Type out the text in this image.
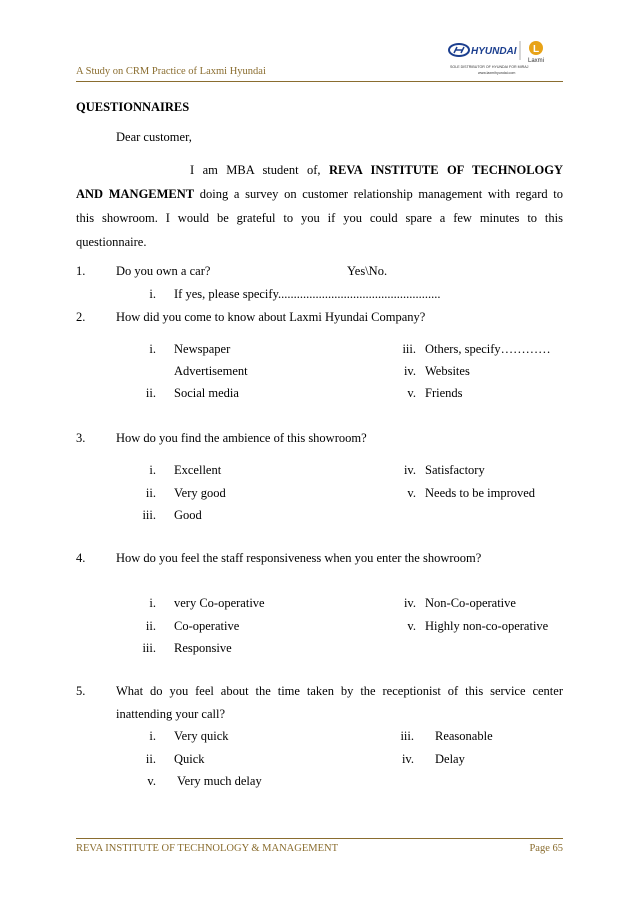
A Study on CRM Practice of Laxmi Hyundai
HYUNDAI L
Laxmi
SOLE DISTRIBUTOR OF HYUNDAI FOR MIRAJ
www.laxmihyundai.com
QUESTIONNAIRES
Dear customer,
I am MBA student of, REVA INSTITUTE OF TECHNOLOGY
AND MANGEMENT doing a survey on customer relationship management with regard to
this showroom. I would be grateful to you if you could spare a few minutes to this
questionnaire.
1. Do you own a car?	Yes\No.
i. If yes, please specify....................................................
2. How did you come to know about Laxmi Hyundai Company?
i. Newspaper
Advertisement
ii. Social media
iii. Others, specify…………
iv. Websites
v. Friends
3. How do you find the ambience of this showroom?
i. Excellent
ii. Very good
iii. Good
iv. Satisfactory
v. Needs to be improved
4. How do you feel the staff responsiveness when you enter the showroom?
i. very Co-operative
ii. Co-operative
iii. Responsive
iv. Non-Co-operative
v. Highly non-co-operative
5. What do you feel about the time taken by the receptionist of this service center
inattending your call?
i. Very quick
ii. Quick
v. Very much delay
iii. Reasonable
iv. Delay
REVA INSTITUTE OF TECHNOLOGY & MANAGEMENT	Page 65
